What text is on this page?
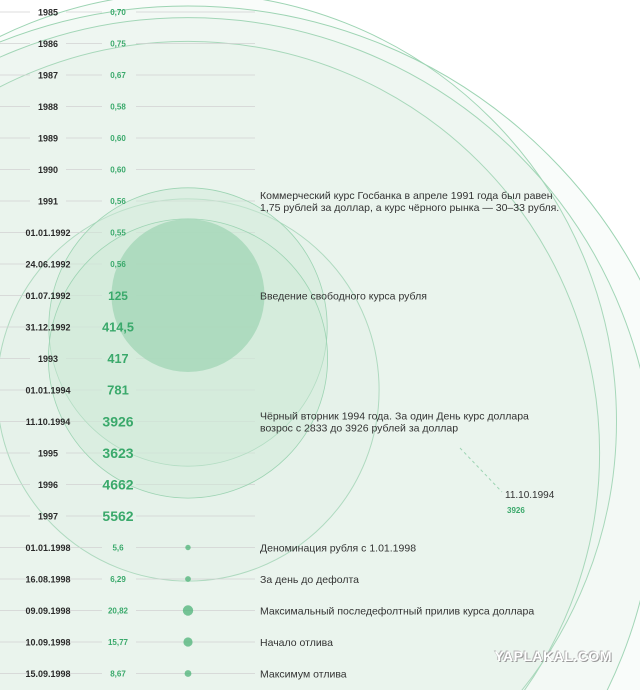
1985	0,70
1986	0,75
1987	0,67
1988	0,58
1989	0,60
1990	0,60
1991	0,56
01.01.1992	0,55
24.06.1992	0,56
01.07.1992	125
31.12.1992 414,5
1993	417
01.01.1994	781
11.10.1994 3926
1995	3623
1996	4662
1997	5562
01.01.1998	5,6
16.08.1998	6,29
09.09.1998	20,82
10.09.1998	15,77
15.09.1998	8,67
Коммерческий курс Госбанка в апреле 1991 года был равен
1,75 рублей за доллар, а курс чёрного рынка — 30–33 рубля.
Введение свободного курса рубля
Чёрный вторник 1994 года. За один День курс доллара
возрос с 2833 до 3926 рублей за доллар
Деноминация рубля с 1.01.1998
За день до дефолта
Максимальный последефолтный прилив курса доллара
Начало отлива
Максимум отлива
11.10.1994
3926
YAPLAKAL.COM
